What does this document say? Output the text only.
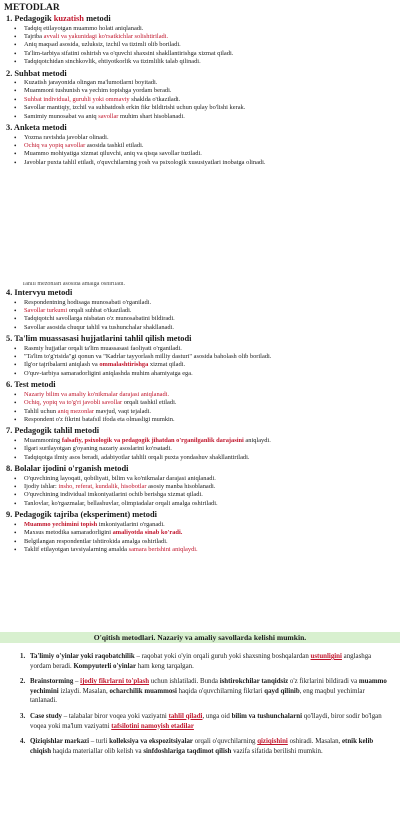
METODLAR
1. Pedagogik kuzatish metodi
• Tadqiq etilayotgan muammo holati aniqlanadi.
• Tajriba avvali va yakunidagi ko'rsatkichlar solishtiriladi.
• Aniq maqsad asosida, uzluksiz, izchil va tizimli olib boriladi.
• Ta'lim-tarbiya sifatini oshirish va o'quvchi shaxsini shakllantirishga xizmat qiladi.
• Tadqiqotchidan sinchkovlik, ehtiyotkorlik va tizimlilik talab qilinadi.
2. Suhbat metodi
• Kuzatish jarayonida olingan ma'lumotlarni boyitadi.
• Muammoni tushunish va yechim topishga yordam beradi.
• Suhbat individual, guruhli yoki ommaviy shaklda o'tkaziladi.
• Savollar mantiqiy, izchil va suhbatdosh erkin fikr bildirishi uchun qulay bo'lishi kerak.
• Samimiy munosabat va aniq savollar muhim shart hisoblanadi.
3. Anketa metodi
• Yozma ravishda javoblar olinadi.
• Ochiq va yopiq savollar asosida tashkil etiladi.
• Muammo mohiyatiga xizmat qiluvchi, aniq va qisqa savollar tuziladi.
• Javoblar puxta tahlil etiladi, o'quvchilarning yosh va psixologik xususiyatlari inobatga olinadi.
Tahlil mezonlari asosida amalga oshiriladi.
4. Intervyu metodi
• Respondentning hodisaga munosabati o'rganiladi.
• Savollar turkumi orqali suhbat o'tkaziladi.
• Tadqiqotchi savollarga nisbatan o'z munosabatini bildiradi.
• Savollar asosida chuqur tahlil va tushunchalar shakllanadi.
5. Ta'lim muassasasi hujjatlarini tahlil qilish metodi
• Rasmiy hujjatlar orqali ta'lim muassasasi faoliyati o'rganiladi.
• "Ta'lim to'g'risida"gi qonun va "Kadrlar tayyorlash milliy dasturi" asosida baholash olib boriladi.
• Ilg'or tajribalarni aniqlash va ommalashtirishga xizmat qiladi.
• O'quv-tarbiya samaradorligini aniqlashda muhim ahamiyatga ega.
6. Test metodi
• Nazariy bilim va amaliy ko'nikmalar darajasi aniqlanadi.
• Ochiq, yopiq va to'g'ri javobli savollar orqali tashkil etiladi.
• Tahlil uchun aniq mezonlar mavjud, vaqt tejaladi.
• Respondent o'z fikrini batafsil ifoda eta olmasligi mumkin.
7. Pedagogik tahlil metodi
• Muammoning falsafiy, psixologik va pedagogik jihatdan o'rganilganlik darajasini aniqlaydi.
• Ilgari surilayotgan g'oyaning nazariy asoslarini ko'rsatadi.
• Tadqiqotga ilmiy asos beradi, adabiyotlar tahlili orqali puxta yondashuv shakllantiriladi.
8. Bolalar ijodini o'rganish metodi
• O'quvchining layoqati, qobiliyati, bilim va ko'nikmalar darajasi aniqlanadi.
• Ijodiy ishlar: insho, referat, kundalik, hisobotlar asosiy manba hisoblanadi.
• O'quvchining individual imkoniyatlarini ochib berishga xizmat qiladi.
• Tanlovlar, ko'rgazmalar, bellashuvlar, olimpiadalar orqali amalga oshiriladi.
9. Pedagogik tajriba (eksperiment) metodi
• Muammo yechimini topish imkoniyatlarini o'rganadi.
• Maxsus metodika samaradorligini amaliyotda sinab ko'radi.
• Belgilangan respondentlar ishtirokida amalga oshiriladi.
• Taklif etilayotgan tavsiyalarning amalda samara berishini aniqlaydi.
O'qitish metodlari. Nazariy va amaliy savollarda kelishi mumkin.
1. Ta'limiy o'yinlar yoki raqobatchilik – raqobat yoki o'yin orqali guruh yoki shaxsning boshqalardan ustunligini anglashga yordam beradi. Kompyuterli o'yinlar ham keng tarqalgan.
2. Brainstorming – ijodiy fikrlarni to'plash uchun ishlatiladi. Bunda ishtirokchilar tanqidsiz o'z fikrlarini bildiradi va muammo yechimini izlaydi. Masalan, ocharchilik muammosi haqida o'quvchilarning fikrlari qayd qilinib, eng maqbul yechimlar tanlanadi.
3. Case study – talabalar biror voqea yoki vaziyatni tahlil qiladi, unga oid bilim va tushunchalarni qo'llaydi, biror sodir bo'lgan voqea yoki ma'lum vaziyatni tafsilotini namoyish etadilar
4. Qiziqishlar markazi – turli kolleksiya va ekspozitsiyalar orqali o'quvchilarning qiziqishini oshiradi. Masalan, etnik kelib chiqish haqida materiallar olib kelish va sinfdoshlariga taqdimot qilish vazifa sifatida berilishi mumkin.
